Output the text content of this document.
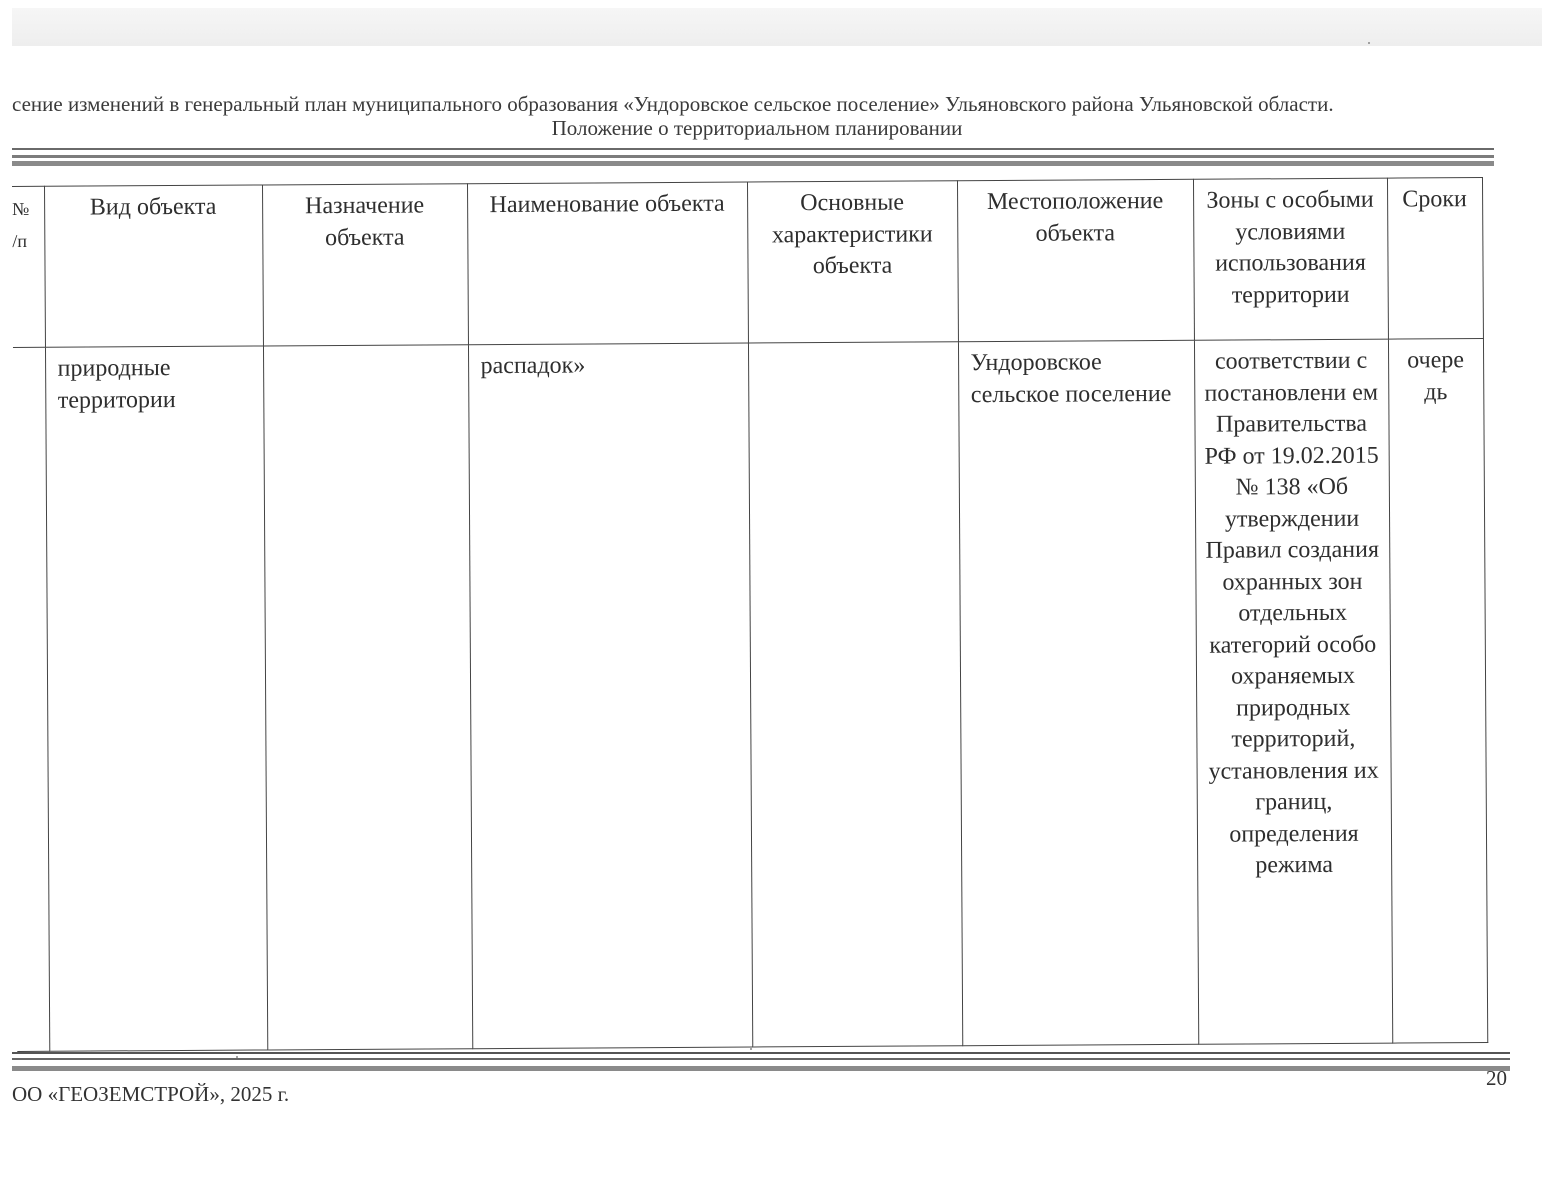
сение изменений в генеральный план муниципального образования «Ундоровское сельское поселение» Ульяновского района Ульяновской области.
Положение о территориальном планировании
№
/п	Вид объекта	Назначение объекта	Наименование объекта	Основные характеристики объекта	Местоположение объекта	Зоны с особыми условиями использования территории	Сроки
	природные территории		распадок»		Ундоровское сельское поселение	соответствии с постановлени ем Правительства РФ от 19.02.2015 № 138 «Об утверждении Правил создания охранных зон отдельных категорий особо охраняемых природных территорий, установления их границ, определения режима	очере дь
ОО «ГЕОЗЕМСТРОЙ», 2025 г.
20
